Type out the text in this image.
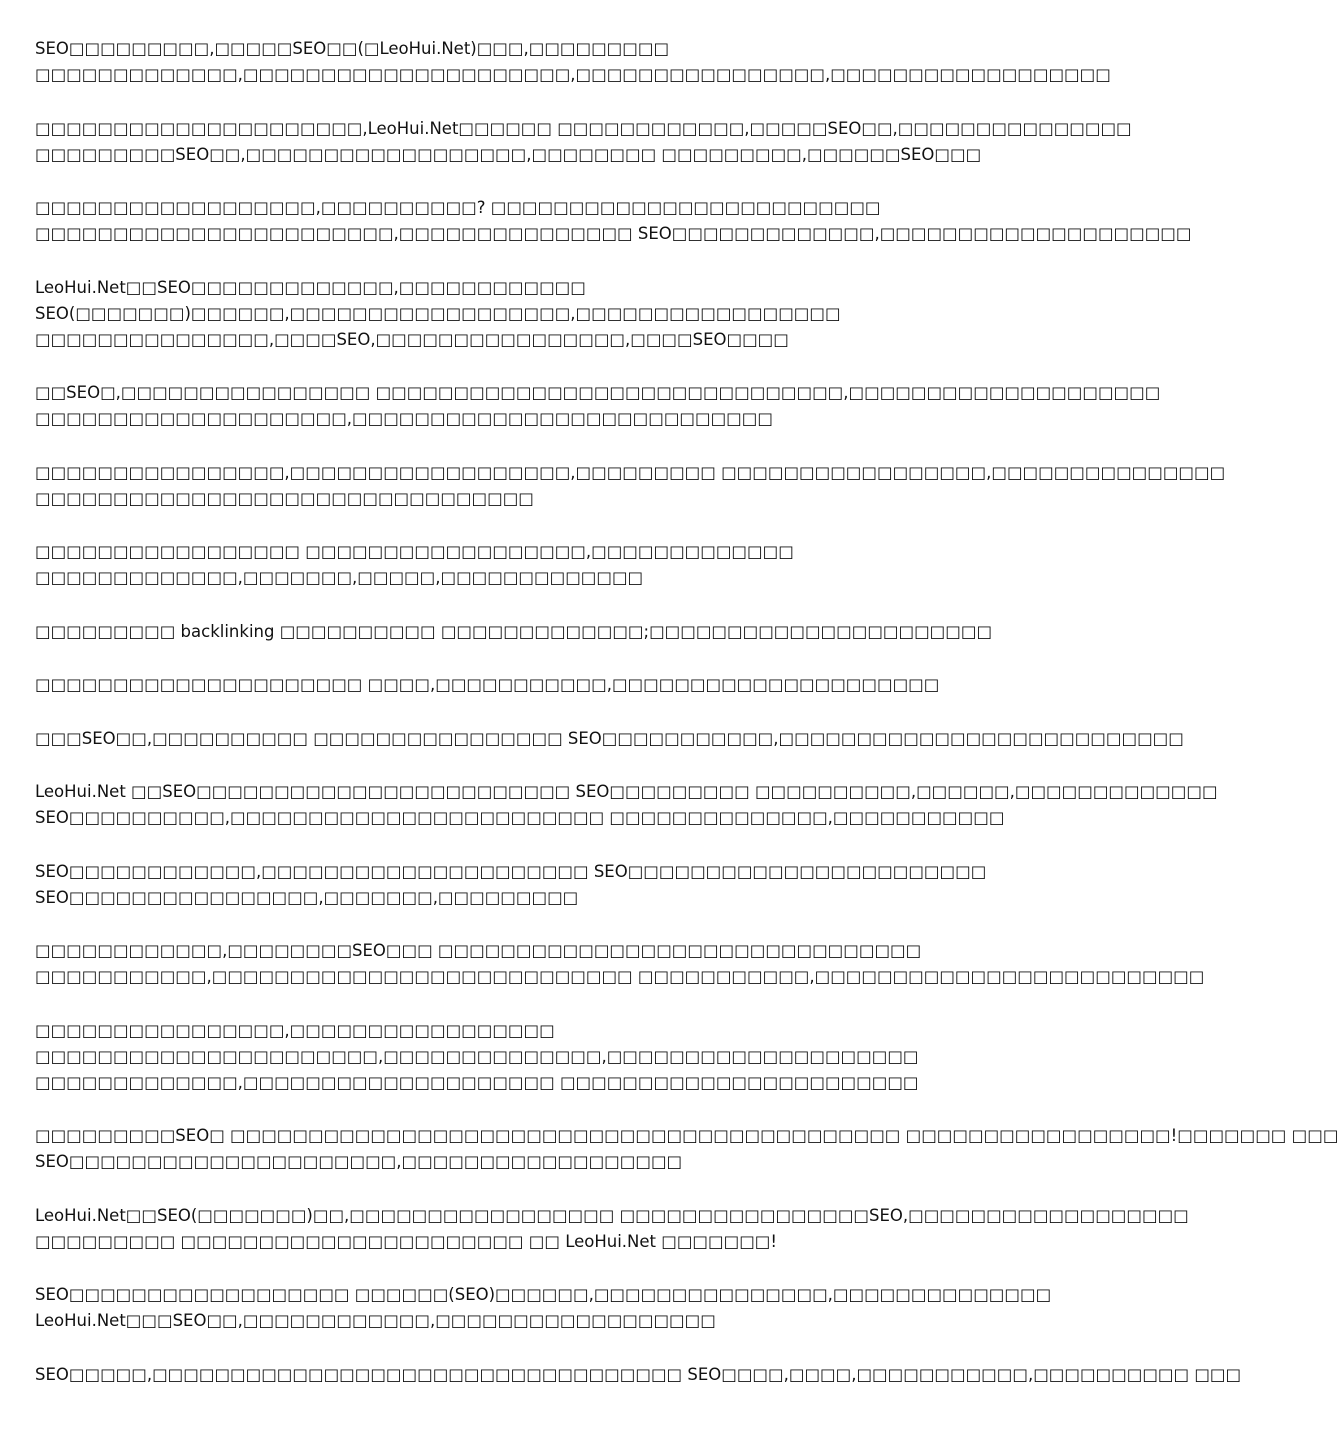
SEO□□□□□□□□□,□□□□□SEO□□(□LeoHui.Net)□□□,□□□□□□□□□
□□□□□□□□□□□□□,□□□□□□□□□□□□□□□□□□□□□,□□□□□□□□□□□□□□□□,□□□□□□□□□□□□□□□□□□
□□□□□□□□□□□□□□□□□□□□□,LeoHui.Net□□□□□□ □□□□□□□□□□□□,□□□□□SEO□□,□□□□□□□□□□□□□□□
□□□□□□□□□SEO□□,□□□□□□□□□□□□□□□□□□,□□□□□□□□ □□□□□□□□□,□□□□□□SEO□□□
□□□□□□□□□□□□□□□□□□,□□□□□□□□□□? □□□□□□□□□□□□□□□□□□□□□□□□□
□□□□□□□□□□□□□□□□□□□□□□□,□□□□□□□□□□□□□□□ SEO□□□□□□□□□□□□□,□□□□□□□□□□□□□□□□□□□□
LeoHui.Net□□SEO□□□□□□□□□□□□□,□□□□□□□□□□□□
SEO(□□□□□□□)□□□□□□,□□□□□□□□□□□□□□□□□□,□□□□□□□□□□□□□□□□□
□□□□□□□□□□□□□□□,□□□□SEO,□□□□□□□□□□□□□□□□,□□□□SEO□□□□
□□SEO□,□□□□□□□□□□□□□□□□ □□□□□□□□□□□□□□□□□□□□□□□□□□□□□□,□□□□□□□□□□□□□□□□□□□□
□□□□□□□□□□□□□□□□□□□□,□□□□□□□□□□□□□□□□□□□□□□□□□□□
□□□□□□□□□□□□□□□□,□□□□□□□□□□□□□□□□□□,□□□□□□□□□ □□□□□□□□□□□□□□□□□,□□□□□□□□□□□□□□□
□□□□□□□□□□□□□□□□□□□□□□□□□□□□□□□□
□□□□□□□□□□□□□□□□□ □□□□□□□□□□□□□□□□□□,□□□□□□□□□□□□□
□□□□□□□□□□□□□,□□□□□□□,□□□□□,□□□□□□□□□□□□□
□□□□□□□□□ backlinking □□□□□□□□□□ □□□□□□□□□□□□□;□□□□□□□□□□□□□□□□□□□□□□
□□□□□□□□□□□□□□□□□□□□□ □□□□,□□□□□□□□□□□,□□□□□□□□□□□□□□□□□□□□□
□□□SEO□□,□□□□□□□□□□ □□□□□□□□□□□□□□□□ SEO□□□□□□□□□□□,□□□□□□□□□□□□□□□□□□□□□□□□□□
LeoHui.Net □□SEO□□□□□□□□□□□□□□□□□□□□□□□□ SEO□□□□□□□□□ □□□□□□□□□□,□□□□□□,□□□□□□□□□□□□□
SEO□□□□□□□□□□,□□□□□□□□□□□□□□□□□□□□□□□□ □□□□□□□□□□□□□□,□□□□□□□□□□□
SEO□□□□□□□□□□□□,□□□□□□□□□□□□□□□□□□□□□ SEO□□□□□□□□□□□□□□□□□□□□□□□
SEO□□□□□□□□□□□□□□□□,□□□□□□□,□□□□□□□□□
□□□□□□□□□□□□,□□□□□□□□SEO□□□ □□□□□□□□□□□□□□□□□□□□□□□□□□□□□□□
□□□□□□□□□□□,□□□□□□□□□□□□□□□□□□□□□□□□□□□ □□□□□□□□□□□,□□□□□□□□□□□□□□□□□□□□□□□□□
□□□□□□□□□□□□□□□□,□□□□□□□□□□□□□□□□□
□□□□□□□□□□□□□□□□□□□□□□,□□□□□□□□□□□□□□,□□□□□□□□□□□□□□□□□□□□
□□□□□□□□□□□□□,□□□□□□□□□□□□□□□□□□□□ □□□□□□□□□□□□□□□□□□□□□□□
□□□□□□□□□SEO□ □□□□□□□□□□□□□□□□□□□□□□□□□□□□□□□□□□□□□□□□□□□ □□□□□□□□□□□□□□□□□!□□□□□□□ □□□
SEO□□□□□□□□□□□□□□□□□□□□□,□□□□□□□□□□□□□□□□□□
LeoHui.Net□□SEO(□□□□□□□)□□,□□□□□□□□□□□□□□□□□ □□□□□□□□□□□□□□□□SEO,□□□□□□□□□□□□□□□□□□
□□□□□□□□□ □□□□□□□□□□□□□□□□□□□□□□ □□ LeoHui.Net □□□□□□□!
SEO□□□□□□□□□□□□□□□□□□ □□□□□□(SEO)□□□□□□,□□□□□□□□□□□□□□□,□□□□□□□□□□□□□□
LeoHui.Net□□□SEO□□,□□□□□□□□□□□□,□□□□□□□□□□□□□□□□□□
SEO□□□□□,□□□□□□□□□□□□□□□□□□□□□□□□□□□□□□□□□□ SEO□□□□,□□□□,□□□□□□□□□□□,□□□□□□□□□□ □□□
